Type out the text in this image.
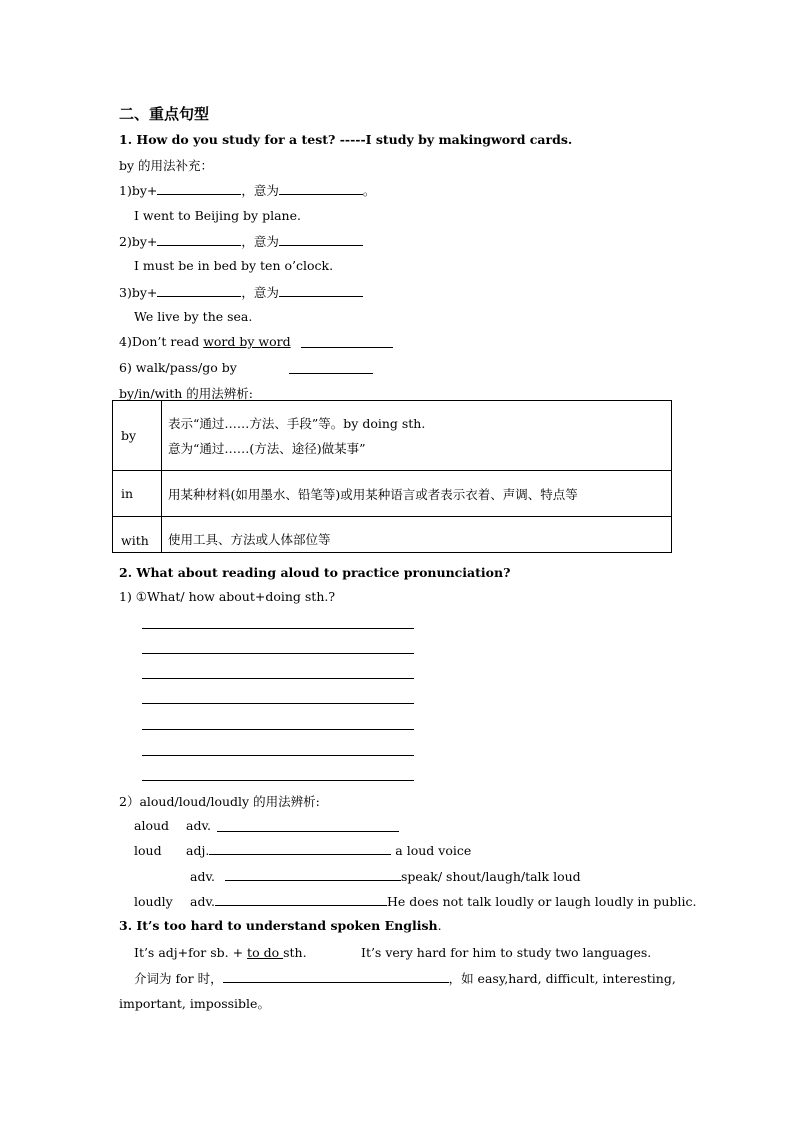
二、重点句型
1. How do you study for a test? -----I study by makingword cards.
by 的用法补充：
1)by+	，意为	。
I went to Beijing by plane.
2)by+	，意为
I must be in bed by ten o’clock.
3)by+	，意为
We live by the sea.
4)Don’t read word by word
6) walk/pass/go by
by/in/with 的用法辨析:
by	表示“通过……方法、手段”等。by doing sth.
意为“通过……(方法、途径)做某事”

in	用某种材料(如用墨水、铅笔等)或用某种语言或者表示衣着、声调、特点等
with	使用工具、方法或人体部位等
2. What about reading aloud to practice pronunciation?
1) ①What/ how about+doing sth.?
2）aloud/loud/loudly 的用法辨析:
aloud adv.
loud adj.	a loud voice
adv.	speak/ shout/laugh/talk loud
loudly adv.	He does not talk loudly or laugh loudly in public.
3. It’s too hard to understand spoken English.
It’s adj+for sb. + to do sth.	It’s very hard for him to study two languages.
介词为 for 时，	，如 easy,hard, difficult, interesting,
important, impossible。
